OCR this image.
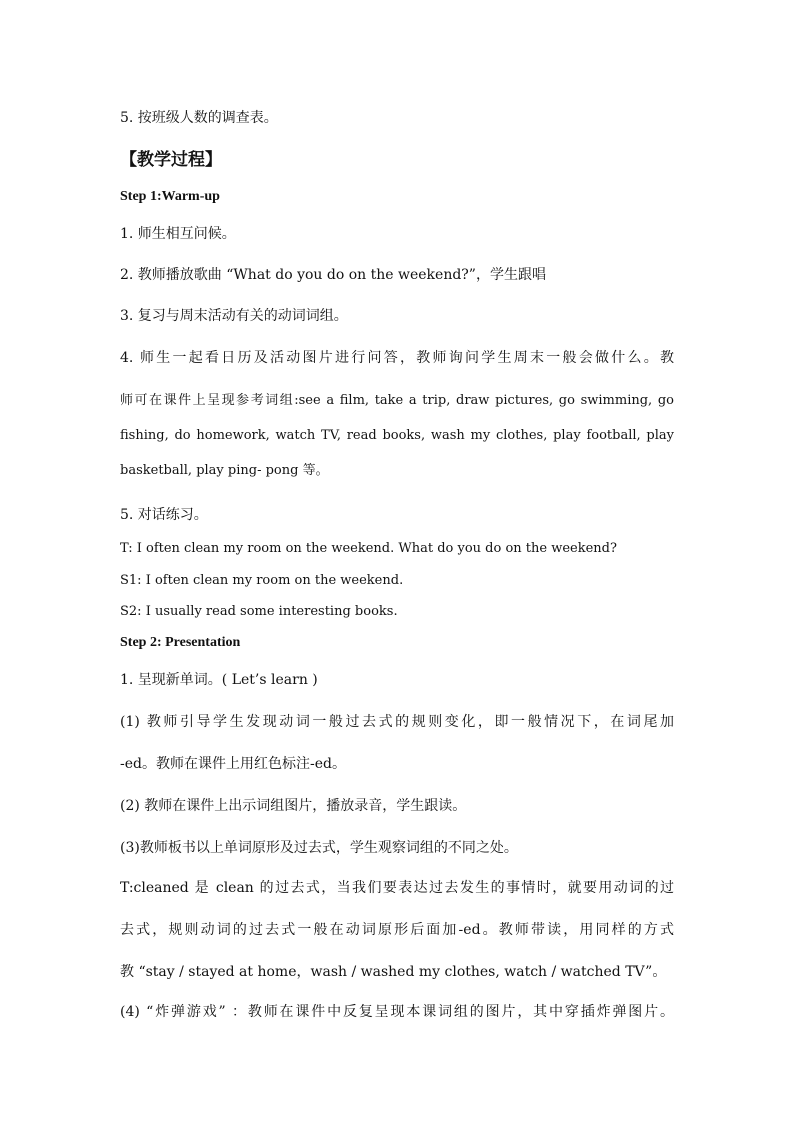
5. 按班级人数的调查表。
【教学过程】
Step 1:Warm-up
1. 师生相互问候。
2. 教师播放歌曲 “What do you do on the weekend?”，学生跟唱
3. 复习与周末活动有关的动词词组。
4. 师生一起看日历及活动图片进行问答，教师询问学生周末一般会做什么。教
师可在课件上呈现参考词组:see a film, take a trip, draw pictures, go swimming, go
fishing, do homework, watch TV, read books, wash my clothes, play football, play
basketball, play ping- pong 等。
5. 对话练习。
T: I often clean my room on the weekend. What do you do on the weekend?
S1: I often clean my room on the weekend.
S2: I usually read some interesting books.
Step 2: Presentation
1. 呈现新单词。( Let’s learn )
(1) 教师引导学生发现动词一般过去式的规则变化，即一般情况下，在词尾加
-ed。教师在课件上用红色标注-ed。
(2) 教师在课件上出示词组图片，播放录音，学生跟读。
(3)教师板书以上单词原形及过去式，学生观察词组的不同之处。
T:cleaned 是 clean 的过去式，当我们要表达过去发生的事情时，就要用动词的过
去式，规则动词的过去式一般在动词原形后面加-ed。教师带读，用同样的方式
教 “stay / stayed at home，wash / washed my clothes, watch / watched TV”。
(4) “炸弹游戏” ：教师在课件中反复呈现本课词组的图片，其中穿插炸弹图片。
